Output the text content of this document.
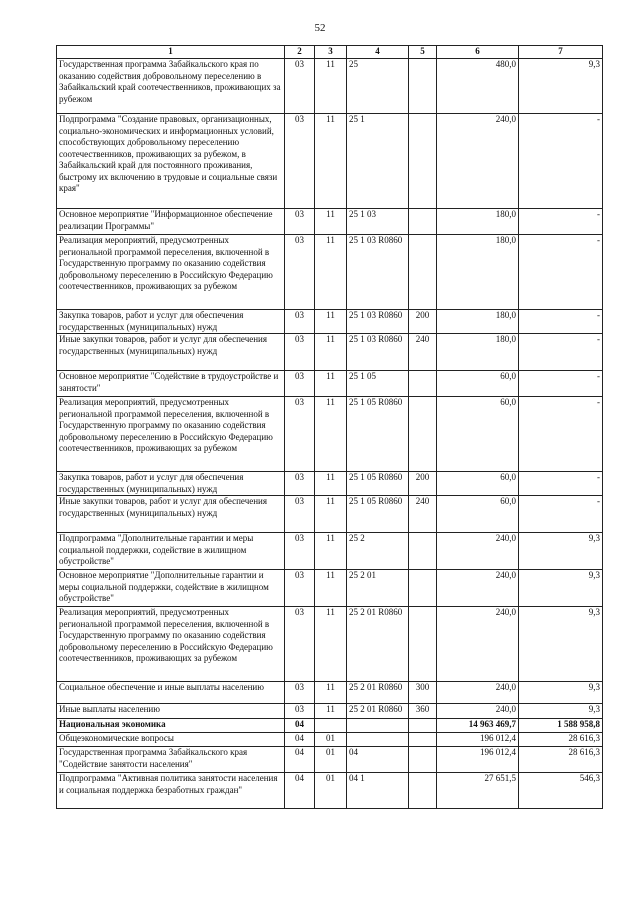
52
1	2	3	4	5	6	7
Государственная программа Забайкальского края по оказанию содействия добровольному переселению в Забайкальский край соотечественников, проживающих за рубежом	03	11	25		480,0	9,3
Подпрограмма "Создание правовых, организационных, социально-экономических и информационных условий, способствующих добровольному переселению соотечественников, проживающих за рубежом, в Забайкальский край для постоянного проживания, быстрому их включению в трудовые и социальные связи края"	03	11	25 1		240,0	-
Основное мероприятие "Информационное обеспечение реализации Программы"	03	11	25 1 03		180,0	-
Реализация мероприятий, предусмотренных региональной программой переселения, включенной в Государственную программу по оказанию содействия добровольному переселению в Российскую Федерацию соотечественников, проживающих за рубежом	03	11	25 1 03 R0860		180,0	-
Закупка товаров, работ и услуг для обеспечения государственных (муниципальных) нужд	03	11	25 1 03 R0860	200	180,0	-
Иные закупки товаров, работ и услуг для обеспечения государственных (муниципальных) нужд	03	11	25 1 03 R0860	240	180,0	-
Основное мероприятие "Содействие в трудоустройстве и занятости"	03	11	25 1 05		60,0	-
Реализация мероприятий, предусмотренных региональной программой переселения, включенной в Государственную программу по оказанию содействия добровольному переселению в Российскую Федерацию соотечественников, проживающих за рубежом	03	11	25 1 05 R0860		60,0	-
Закупка товаров, работ и услуг для обеспечения государственных (муниципальных) нужд	03	11	25 1 05 R0860	200	60,0	-
Иные закупки товаров, работ и услуг для обеспечения государственных (муниципальных) нужд	03	11	25 1 05 R0860	240	60,0	-
Подпрограмма "Дополнительные гарантии и меры социальной поддержки, содействие в жилищном обустройстве"	03	11	25 2		240,0	9,3
Основное мероприятие "Дополнительные гарантии и меры социальной поддержки, содействие в жилищном обустройстве"	03	11	25 2 01		240,0	9,3
Реализация мероприятий, предусмотренных региональной программой переселения, включенной в Государственную программу по оказанию содействия добровольному переселению в Российскую Федерацию соотечественников, проживающих за рубежом	03	11	25 2 01 R0860		240,0	9,3
Социальное обеспечение и иные выплаты населению	03	11	25 2 01 R0860	300	240,0	9,3
Иные выплаты населению	03	11	25 2 01 R0860	360	240,0	9,3
Национальная экономика	04				14 963 469,7	1 588 958,8
Общеэкономические вопросы	04	01			196 012,4	28 616,3
Государственная программа Забайкальского края "Содействие занятости населения"	04	01	04		196 012,4	28 616,3
Подпрограмма "Активная политика занятости населения и социальная поддержка безработных граждан"	04	01	04 1		27 651,5	546,3
